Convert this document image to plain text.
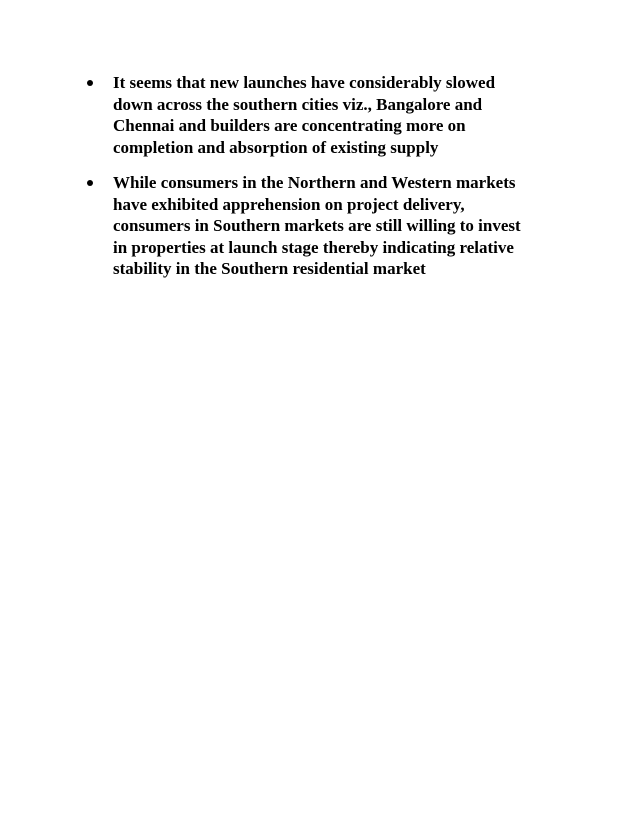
It seems that new launches have considerably slowed
down across the southern cities viz., Bangalore and
Chennai and builders are concentrating more on
completion and absorption of existing supply
While consumers in the Northern and Western markets
have exhibited apprehension on project delivery,
consumers in Southern markets are still willing to invest
in properties at launch stage thereby indicating relative
stability in the Southern residential market
